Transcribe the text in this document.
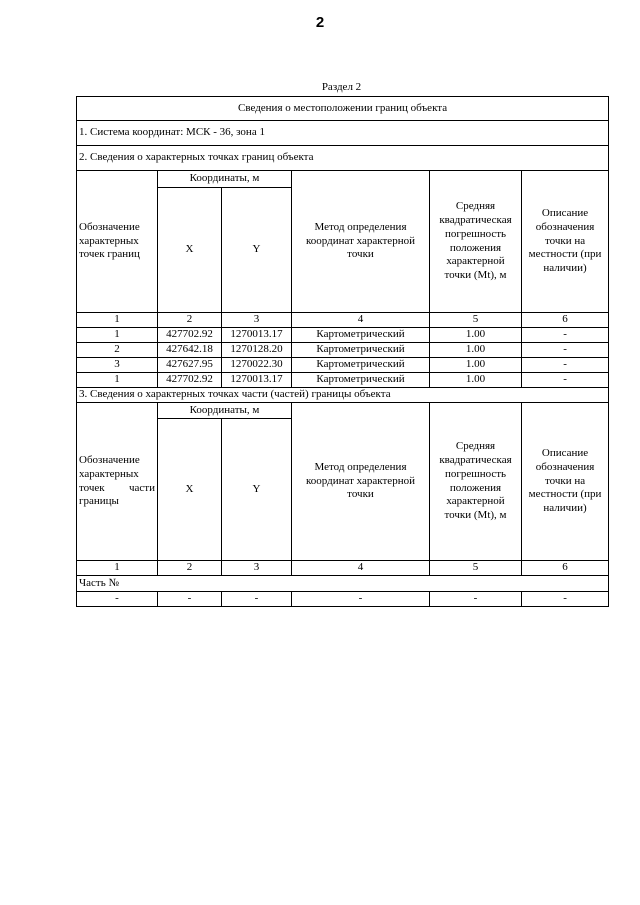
2
Раздел 2
Сведения о местоположении границ объекта					
1. Система координат: МСК - 36, зона 1					
2. Сведения о характерных точках границ объекта					
Обозначение характерных точек границ	Координаты, м		Метод определения координат характерной точки	Средняя квадратическая погрешность положения характерной точки (Mt), м	Описание обозначения точки на местности (при наличии)
	X	Y			
1	2	3	4	5	6
1	427702.92	1270013.17	Картометрический	1.00	-
2	427642.18	1270128.20	Картометрический	1.00	-
3	427627.95	1270022.30	Картометрический	1.00	-
1	427702.92	1270013.17	Картометрический	1.00	-
3. Сведения о характерных точках части (частей) границы объекта					
Обозначение характерных точек части границы	Координаты, м		Метод определения координат характерной точки	Средняя квадратическая погрешность положения характерной точки (Mt), м	Описание обозначения точки на местности (при наличии)
	X	Y			
1	2	3	4	5	6
Часть №					
-	-	-	-	-	-
